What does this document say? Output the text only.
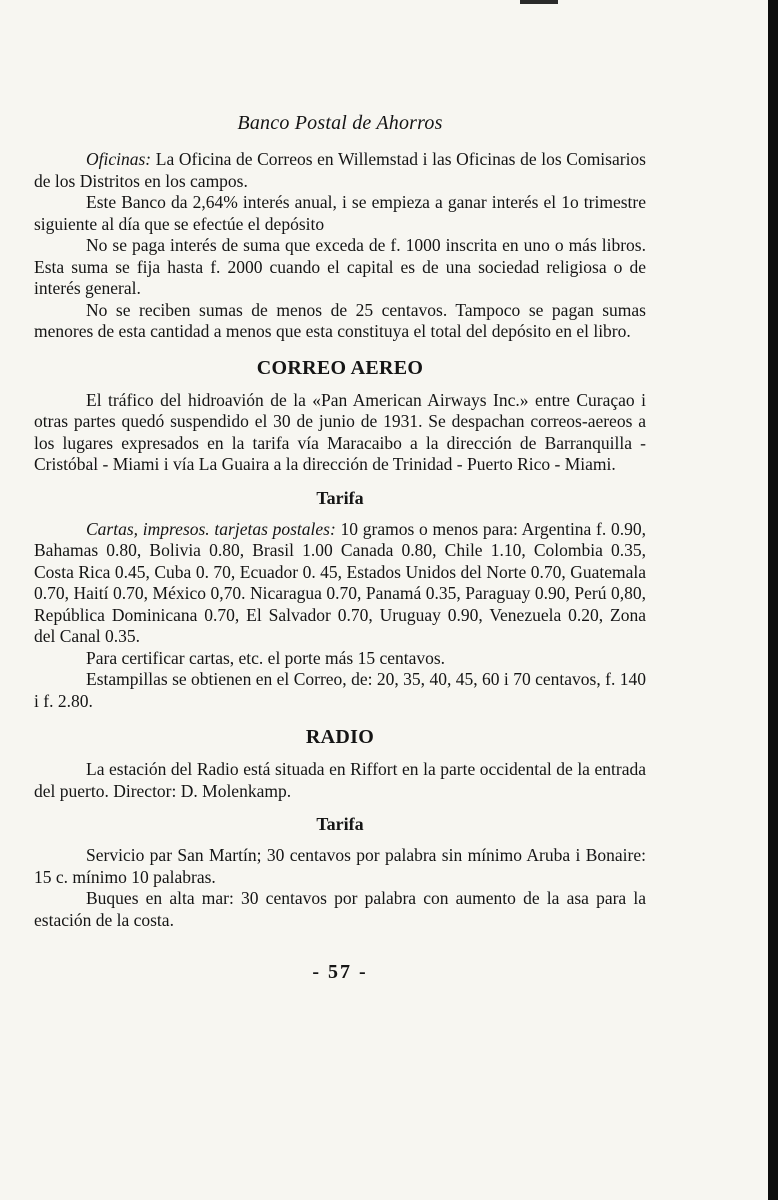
Banco Postal de Ahorros

Oficinas: La Oficina de Correos en Willemstad i las Oficinas de los Comisarios de los Distritos en los campos.

Este Banco da 2,64% interés anual, i se empieza a ganar interés el 1o trimestre siguiente al día que se efectúe el depósito

No se paga interés de suma que exceda de f. 1000 inscrita en uno o más libros. Esta suma se fija hasta f. 2000 cuando el capital es de una sociedad religiosa o de interés general.

No se reciben sumas de menos de 25 centavos. Tampoco se pagan sumas menores de esta cantidad a menos que esta constituya el total del depósito en el libro.

CORREO AEREO

El tráfico del hidroavión de la «Pan American Airways Inc.» entre Curaçao i otras partes quedó suspendido el 30 de junio de 1931. Se despachan correos-aereos a los lugares expresados en la tarifa vía Maracaibo a la dirección de Barranquilla - Cristóbal - Miami i vía La Guaira a la dirección de Trinidad - Puerto Rico - Miami.

Tarifa

Cartas, impresos. tarjetas postales: 10 gramos o menos para: Argentina f. 0.90, Bahamas 0.80, Bolivia 0.80, Brasil 1.00 Canada 0.80, Chile 1.10, Colombia 0.35, Costa Rica 0.45, Cuba 0. 70, Ecuador 0. 45, Estados Unidos del Norte 0.70, Guatemala 0.70, Haití 0.70, México 0,70. Nicaragua 0.70, Panamá 0.35, Paraguay 0.90, Perú 0,80, República Dominicana 0.70, El Salvador 0.70, Uruguay 0.90, Venezuela 0.20, Zona del Canal 0.35.

Para certificar cartas, etc. el porte más 15 centavos.

Estampillas se obtienen en el Correo, de: 20, 35, 40, 45, 60 i 70 centavos, f. 140 i f. 2.80.

RADIO

La estación del Radio está situada en Riffort en la parte occidental de la entrada del puerto. Director: D. Molenkamp.

Tarifa

Servicio par San Martín; 30 centavos por palabra sin mínimo Aruba i Bonaire: 15 c. mínimo 10 palabras.

Buques en alta mar: 30 centavos por palabra con aumento de la asa para la estación de la costa.

- 57 -
